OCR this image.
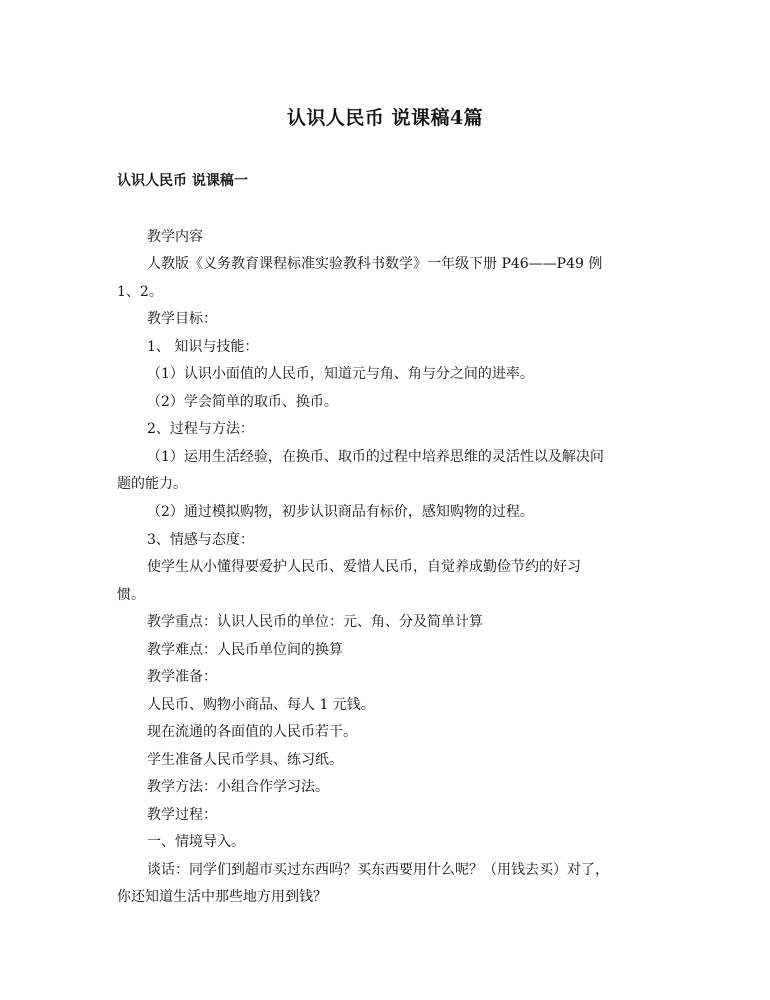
认识人民币 说课稿4篇
认识人民币 说课稿一
教学内容
人教版《义务教育课程标准实验教科书数学》一年级下册 P46——P49 例
1、2。
教学目标：
1、 知识与技能：
（1）认识小面值的人民币，知道元与角、角与分之间的进率。
（2）学会简单的取币、换币。
2、过程与方法：
（1）运用生活经验，在换币、取币的过程中培养思维的灵活性以及解决问
题的能力。
（2）通过模拟购物，初步认识商品有标价，感知购物的过程。
3、情感与态度：
使学生从小懂得要爱护人民币、爱惜人民币，自觉养成勤俭节约的好习
惯。
教学重点：认识人民币的单位：元、角、分及简单计算
教学难点：人民币单位间的换算
教学准备：
人民币、购物小商品、每人 1 元钱。
现在流通的各面值的人民币若干。
学生准备人民币学具、练习纸。
教学方法：小组合作学习法。
教学过程：
一、情境导入。
谈话：同学们到超市买过东西吗？买东西要用什么呢？（用钱去买）对了，
你还知道生活中那些地方用到钱？
